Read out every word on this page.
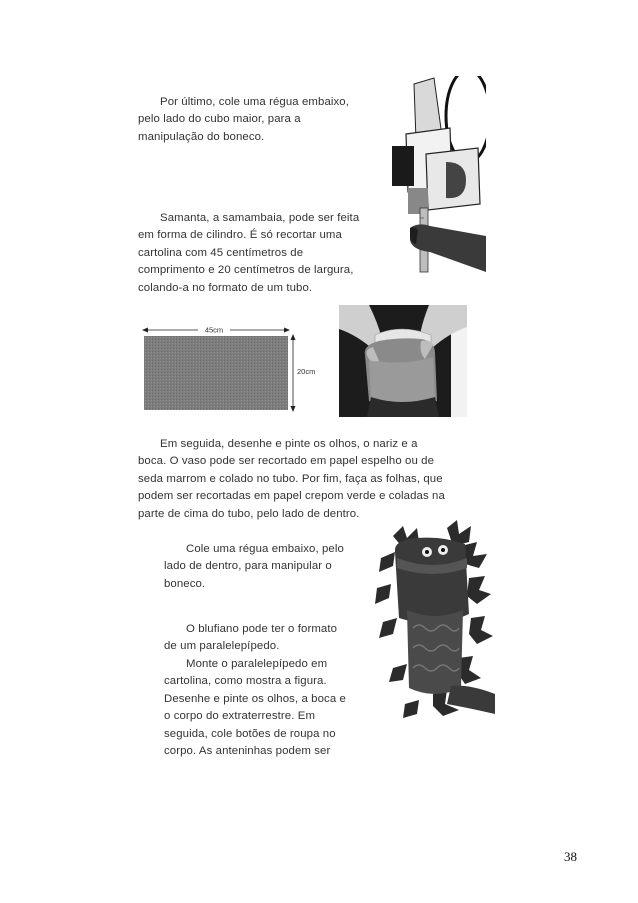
Por último, cole uma régua embaixo,
pelo lado do cubo maior, para a
manipulação do boneco.

Samanta, a samambaia, pode ser feita
em forma de cilindro. É só recortar uma
cartolina com 45 centímetros de
comprimento e 20 centímetros de largura,
colando-a no formato de um tubo.

45cm
20cm

Em seguida, desenhe e pinte os olhos, o nariz e a
boca. O vaso pode ser recortado em papel espelho ou de
seda marrom e colado no tubo. Por fim, faça as folhas, que
podem ser recortadas em papel crepom verde e coladas na
parte de cima do tubo, pelo lado de dentro.

Cole uma régua embaixo, pelo
lado de dentro, para manipular o
boneco.

O blufiano pode ter o formato
de um paralelepípedo.

Monte o paralelepípedo em
cartolina, como mostra a figura.
Desenhe e pinte os olhos, a boca e
o corpo do extraterrestre. Em
seguida, cole botões de roupa no
corpo. As anteninhas podem ser

38
